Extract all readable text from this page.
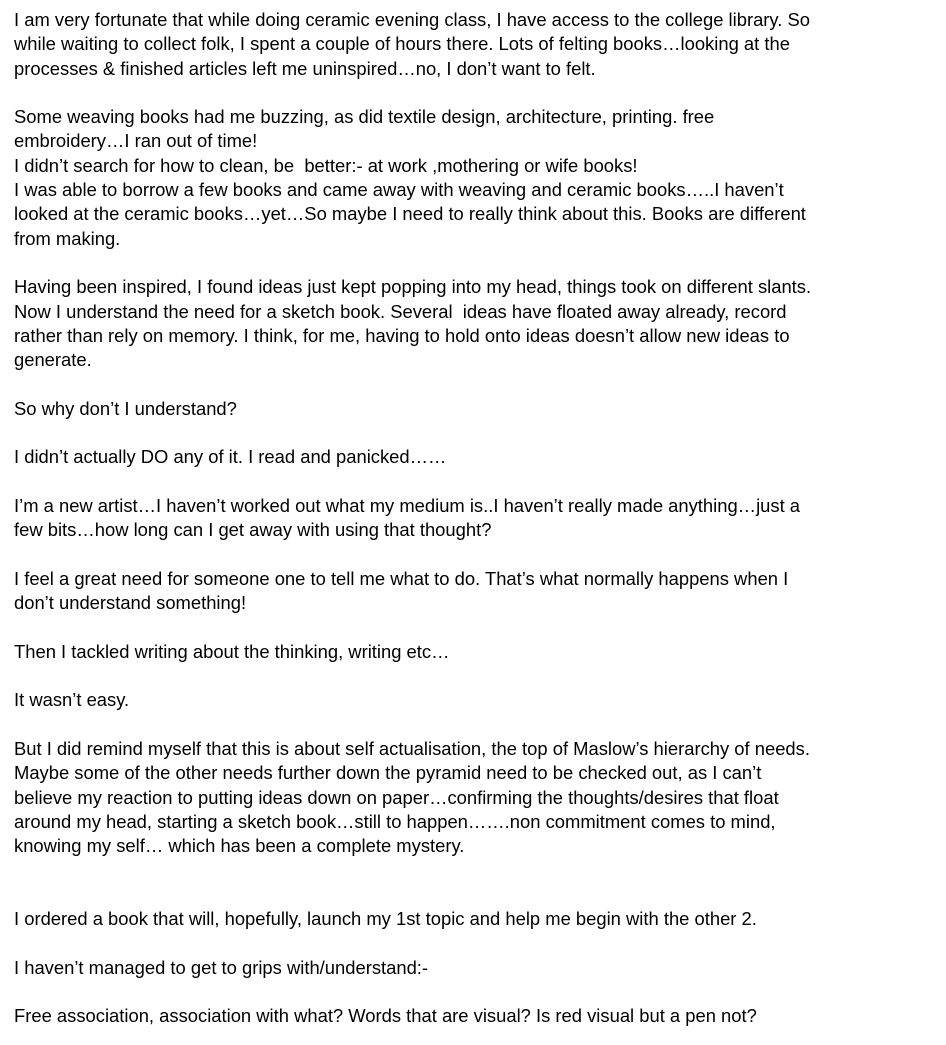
I am very fortunate that while doing ceramic evening class, I have access to the college library. So
while waiting to collect folk, I spent a couple of hours there. Lots of felting books…looking at the
processes & finished articles left me uninspired…no, I don’t want to felt.
Some weaving books had me buzzing, as did textile design, architecture, printing. free
embroidery…I ran out of time!
I didn’t search for how to clean, be  better:- at work ,mothering or wife books!
I was able to borrow a few books and came away with weaving and ceramic books…..I haven’t
looked at the ceramic books…yet…So maybe I need to really think about this. Books are different
from making.
Having been inspired, I found ideas just kept popping into my head, things took on different slants.
Now I understand the need for a sketch book. Several  ideas have floated away already, record
rather than rely on memory. I think, for me, having to hold onto ideas doesn’t allow new ideas to
generate.
So why don’t I understand?
I didn’t actually DO any of it. I read and panicked……
I’m a new artist…I haven’t worked out what my medium is..I haven’t really made anything…just a
few bits…how long can I get away with using that thought?
I feel a great need for someone one to tell me what to do. That’s what normally happens when I
don’t understand something!
Then I tackled writing about the thinking, writing etc…
It wasn’t easy.
But I did remind myself that this is about self actualisation, the top of Maslow’s hierarchy of needs.
Maybe some of the other needs further down the pyramid need to be checked out, as I can’t
believe my reaction to putting ideas down on paper…confirming the thoughts/desires that float
around my head, starting a sketch book…still to happen…….non commitment comes to mind,
knowing my self… which has been a complete mystery.
I ordered a book that will, hopefully, launch my 1st topic and help me begin with the other 2.
I haven’t managed to get to grips with/understand:-
Free association, association with what? Words that are visual? Is red visual but a pen not?
